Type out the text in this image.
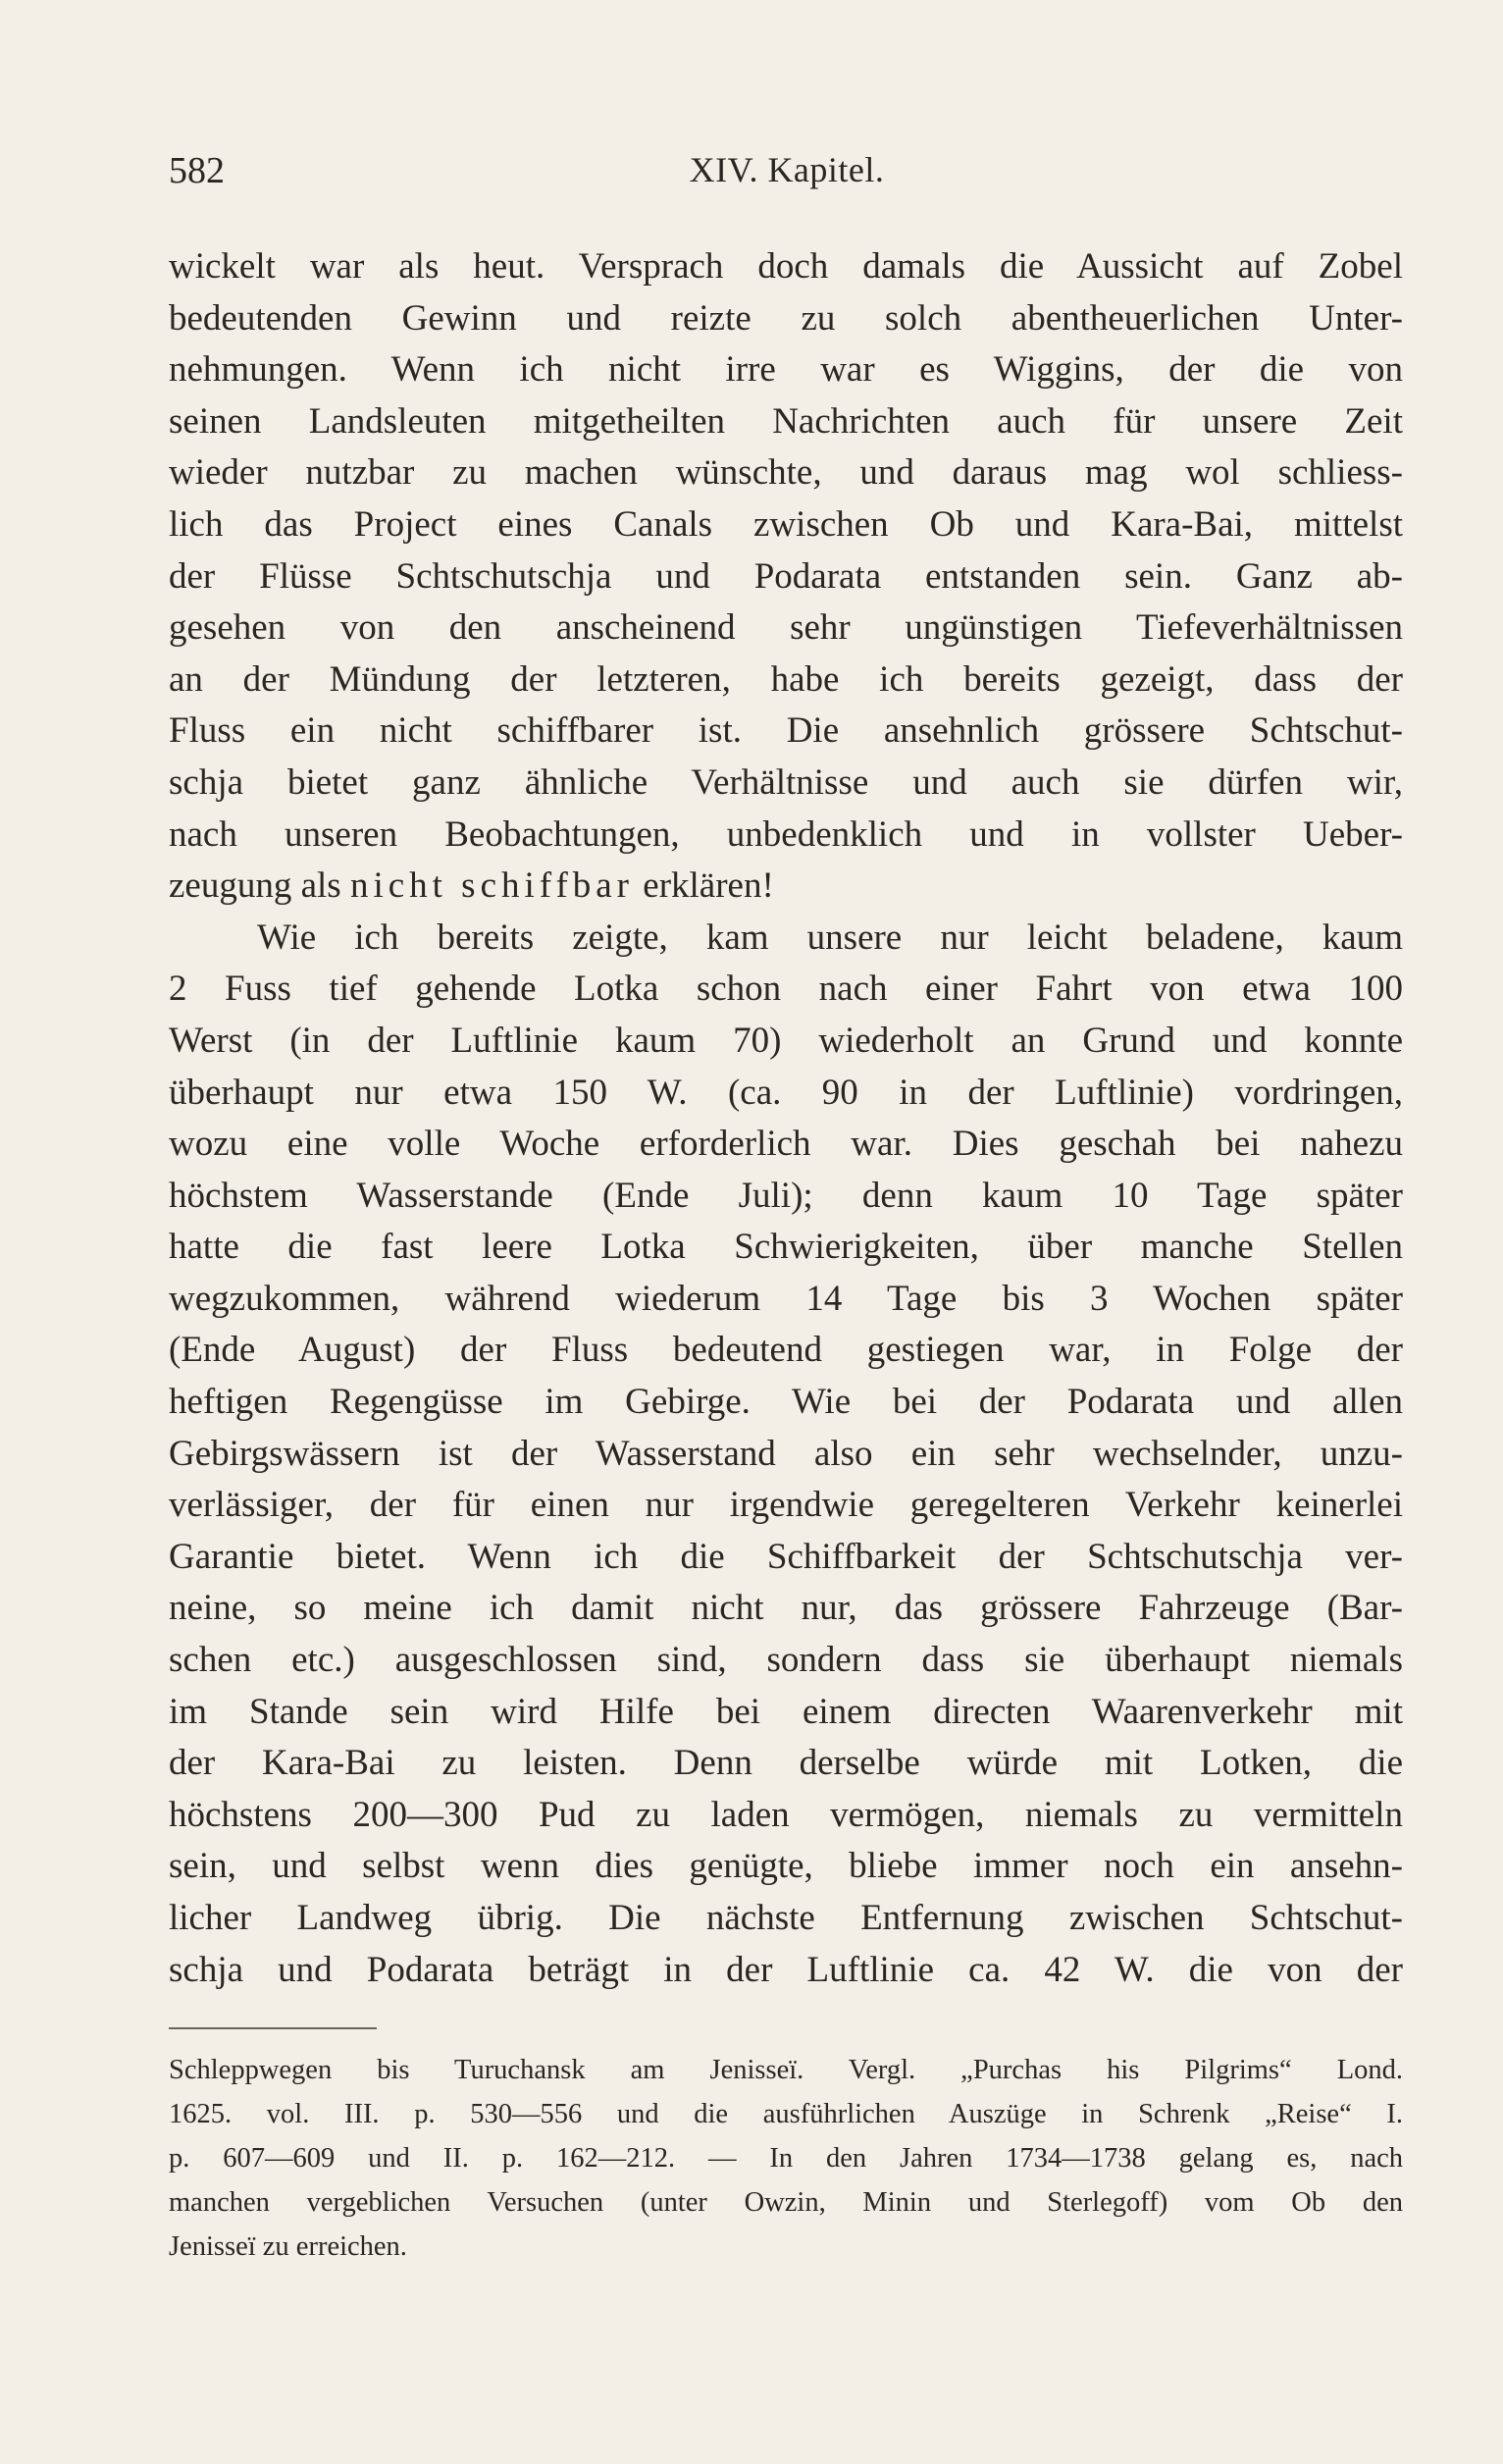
582	XIV. Kapitel.
wickelt war als heut. Versprach doch damals die Aussicht auf Zobel
bedeutenden Gewinn und reizte zu solch abentheuerlichen Unter-
nehmungen. Wenn ich nicht irre war es Wiggins, der die von
seinen Landsleuten mitgetheilten Nachrichten auch für unsere Zeit
wieder nutzbar zu machen wünschte, und daraus mag wol schliess-
lich das Project eines Canals zwischen Ob und Kara-Bai, mittelst
der Flüsse Schtschutschja und Podarata entstanden sein. Ganz ab-
gesehen von den anscheinend sehr ungünstigen Tiefeverhältnissen
an der Mündung der letzteren, habe ich bereits gezeigt, dass der
Fluss ein nicht schiffbarer ist. Die ansehnlich grössere Schtschut-
schja bietet ganz ähnliche Verhältnisse und auch sie dürfen wir,
nach unseren Beobachtungen, unbedenklich und in vollster Ueber-
zeugung als nicht schiffbar erklären!
Wie ich bereits zeigte, kam unsere nur leicht beladene, kaum
2 Fuss tief gehende Lotka schon nach einer Fahrt von etwa 100
Werst (in der Luftlinie kaum 70) wiederholt an Grund und konnte
überhaupt nur etwa 150 W. (ca. 90 in der Luftlinie) vordringen,
wozu eine volle Woche erforderlich war. Dies geschah bei nahezu
höchstem Wasserstande (Ende Juli); denn kaum 10 Tage später
hatte die fast leere Lotka Schwierigkeiten, über manche Stellen
wegzukommen, während wiederum 14 Tage bis 3 Wochen später
(Ende August) der Fluss bedeutend gestiegen war, in Folge der
heftigen Regengüsse im Gebirge. Wie bei der Podarata und allen
Gebirgswässern ist der Wasserstand also ein sehr wechselnder, unzu-
verlässiger, der für einen nur irgendwie geregelteren Verkehr keinerlei
Garantie bietet. Wenn ich die Schiffbarkeit der Schtschutschja ver-
neine, so meine ich damit nicht nur, das grössere Fahrzeuge (Bar-
schen etc.) ausgeschlossen sind, sondern dass sie überhaupt niemals
im Stande sein wird Hilfe bei einem directen Waarenverkehr mit
der Kara-Bai zu leisten. Denn derselbe würde mit Lotken, die
höchstens 200—300 Pud zu laden vermögen, niemals zu vermitteln
sein, und selbst wenn dies genügte, bliebe immer noch ein ansehn-
licher Landweg übrig. Die nächste Entfernung zwischen Schtschut-
schja und Podarata beträgt in der Luftlinie ca. 42 W. die von der
Schleppwegen bis Turuchansk am Jenisseï. Vergl. „Purchas his Pilgrims“ Lond.
1625. vol. III. p. 530—556 und die ausführlichen Auszüge in Schrenk „Reise“ I.
p. 607—609 und II. p. 162—212. — In den Jahren 1734—1738 gelang es, nach
manchen vergeblichen Versuchen (unter Owzin, Minin und Sterlegoff) vom Ob den
Jenisseï zu erreichen.
